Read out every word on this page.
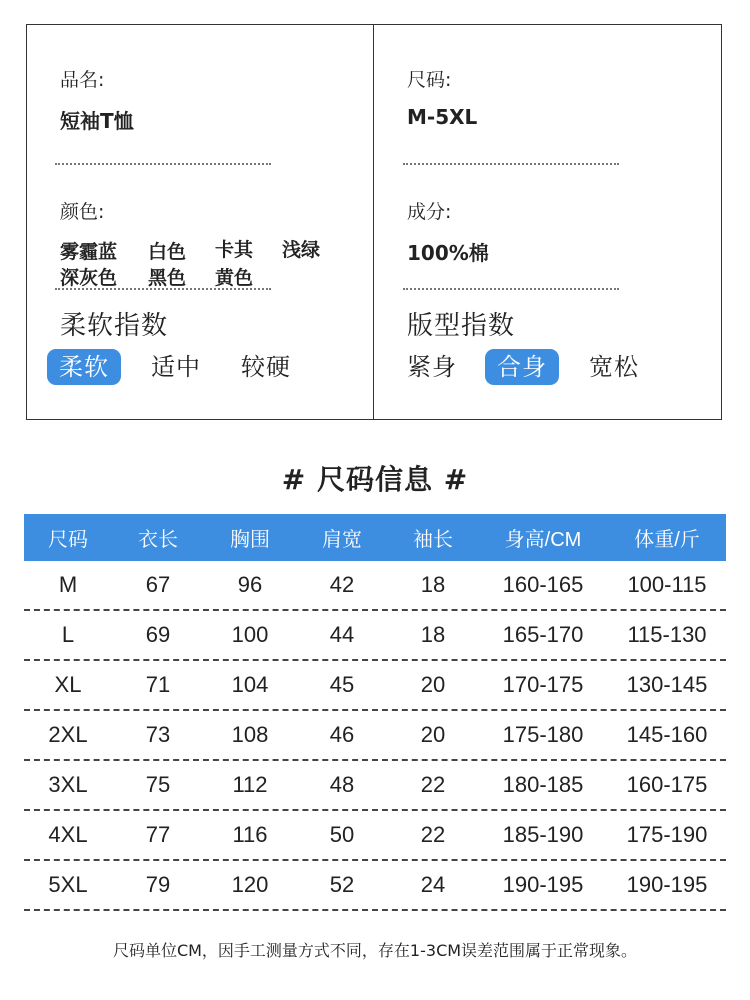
品名:
短袖T恤
颜色:
雾霾蓝 白色 卡其 浅绿
深灰色 黑色 黄色
柔软指数
柔软	适中 较硬
尺码:
M-5XL
成分:
100%棉
版型指数
紧身	合身	宽松
# 尺码信息 #
尺码	衣长	胸围	肩宽	袖长	身高/CM	体重/斤
M	67	96	42	18	160-165	100-115
L	69	100	44	18	165-170	115-130
XL	71	104	45	20	170-175	130-145
2XL	73	108	46	20	175-180	145-160
3XL	75	112	48	22	180-185	160-175
4XL	77	116	50	22	185-190	175-190
5XL	79	120	52	24	190-195	190-195
尺码单位CM，因手工测量方式不同，存在1-3CM误差范围属于正常现象。
